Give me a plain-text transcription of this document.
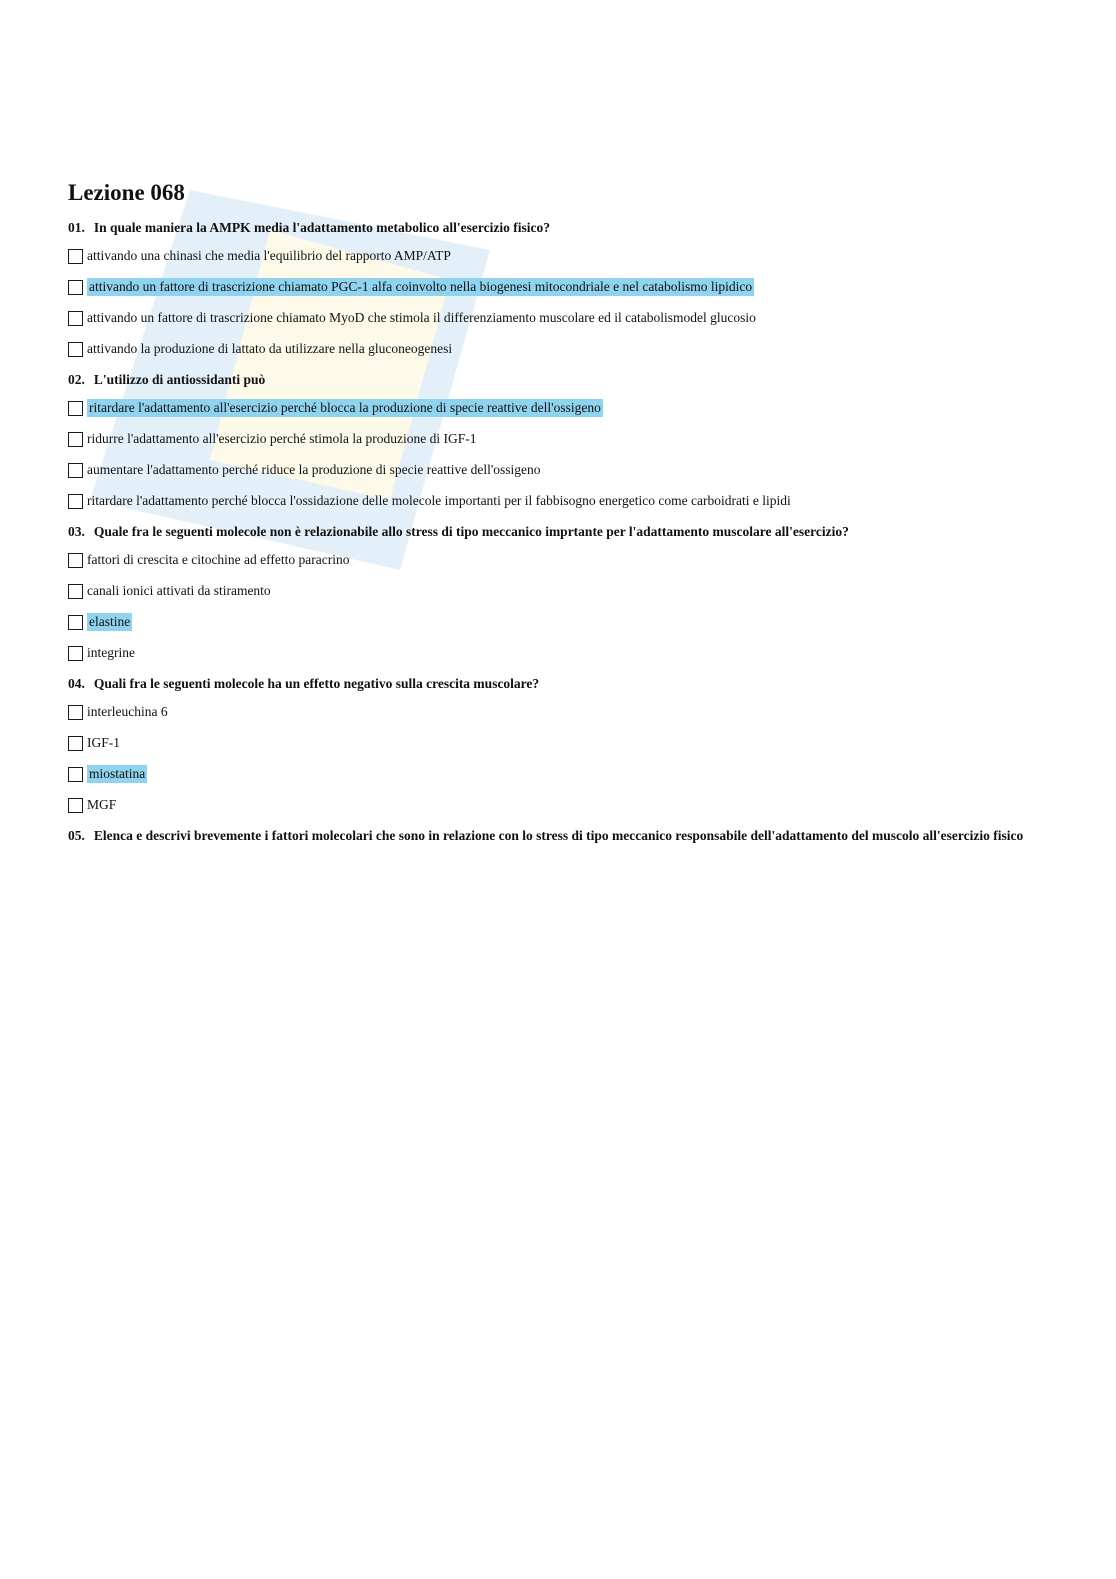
Lezione 068
01. In quale maniera la AMPK media l'adattamento metabolico all'esercizio fisico?
attivando una chinasi che media l'equilibrio del rapporto AMP/ATP
attivando un fattore di trascrizione chiamato PGC-1 alfa coinvolto nella biogenesi mitocondriale e nel catabolismo lipidico
attivando un fattore di trascrizione chiamato MyoD che stimola il differenziamento muscolare ed il catabolismodel glucosio
attivando la produzione di lattato da utilizzare nella gluconeogenesi
02. L'utilizzo di antiossidanti può
ritardare l'adattamento all'esercizio perché blocca la produzione di specie reattive dell'ossigeno
ridurre l'adattamento all'esercizio perché stimola la produzione di IGF-1
aumentare l'adattamento perché riduce la produzione di specie reattive dell'ossigeno
ritardare l'adattamento perché blocca l'ossidazione delle molecole importanti per il fabbisogno energetico come carboidrati e lipidi
03. Quale fra le seguenti molecole non è relazionabile allo stress di tipo meccanico imprtante per l'adattamento muscolare all'esercizio?
fattori di crescita e citochine ad effetto paracrino
canali ionici attivati da stiramento
elastine
integrine
04. Quali fra le seguenti molecole ha un effetto negativo sulla crescita muscolare?
interleuchina 6
IGF-1
miostatina
MGF
05. Elenca e descrivi brevemente i fattori molecolari che sono in relazione con lo stress di tipo meccanico responsabile dell'adattamento del muscolo all'esercizio fisico
